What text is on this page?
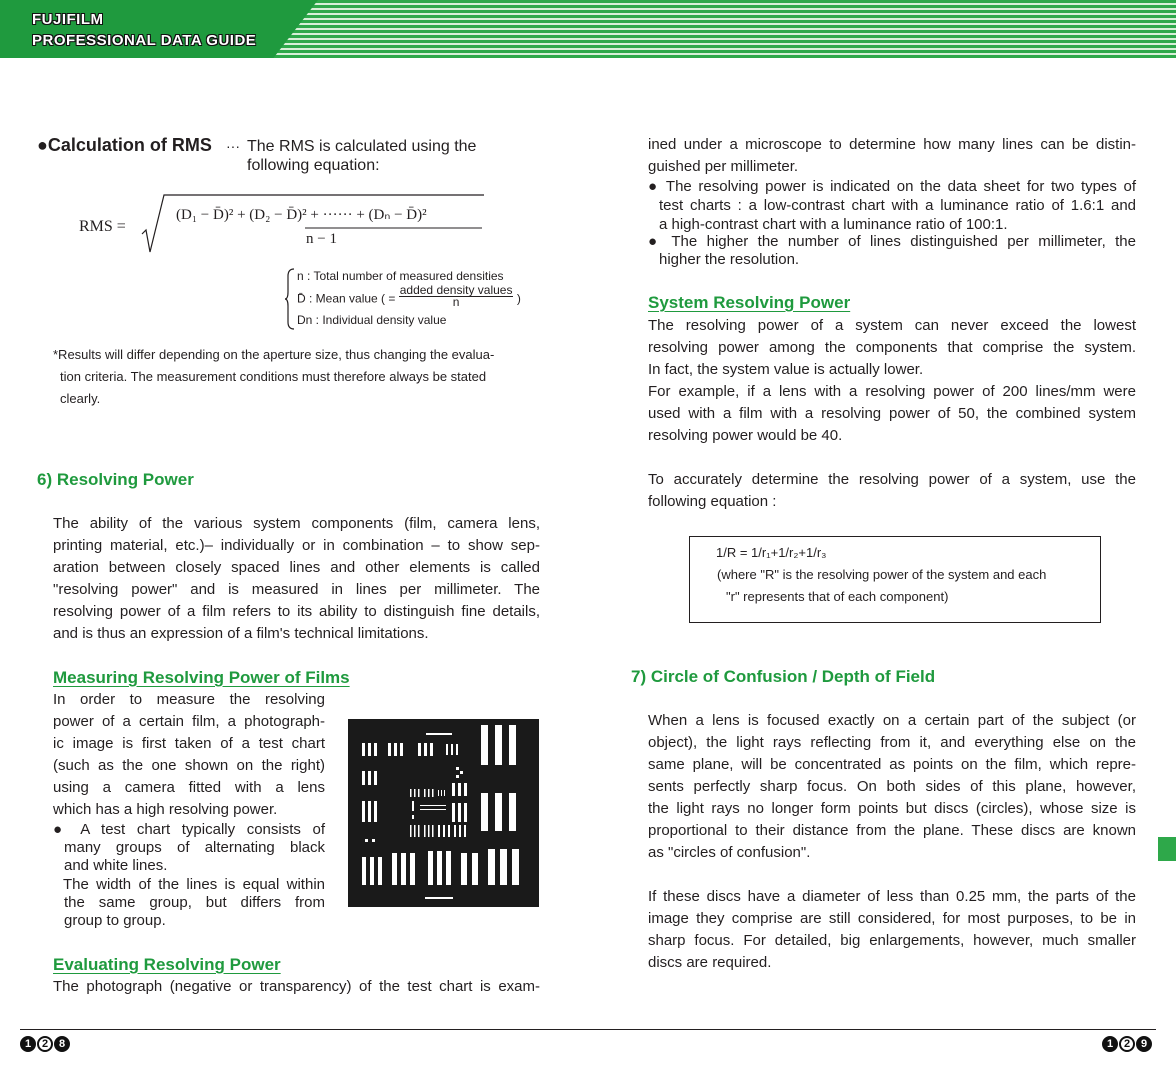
FUJIFILM
PROFESSIONAL DATA GUIDE
●Calculation of RMS ··· The RMS is calculated using the
following equation:
RMS =
(D₁ − D̄)² + (D₂ − D̄)² + ······ + (Dₙ − D̄)²
n − 1
n : Total number of measured densities
D̄ : Mean value ( =
added density values
n	)
Dn : Individual density value
*Results will differ depending on the aperture size, thus changing the evalua-
tion criteria. The measurement conditions must therefore always be stated
clearly.
6) Resolving Power
The ability of the various system components (film, camera lens,
printing material, etc.)– individually or in combination – to show sep-
aration between closely spaced lines and other elements is called
"resolving power" and is measured in lines per millimeter. The
resolving power of a film refers to its ability to distinguish fine details,
and is thus an expression of a film's technical limitations.
Measuring Resolving Power of Films
In order to measure the resolving
power of a certain film, a photograph-
ic image is first taken of a test chart
(such as the one shown on the right)
using a camera fitted with a lens
which has a high resolving power.
● A test chart typically consists of
many groups of alternating black
and white lines.
The width of the lines is equal within
the same group, but differs from
group to group.
Evaluating Resolving Power
The photograph (negative or transparency) of the test chart is exam-
ined under a microscope to determine how many lines can be distin-
guished per millimeter.
● The resolving power is indicated on the data sheet for two types of
test charts : a low-contrast chart with a luminance ratio of 1.6:1 and
a high-contrast chart with a luminance ratio of 100:1.
● The higher the number of lines distinguished per millimeter, the
higher the resolution.
System Resolving Power
The resolving power of a system can never exceed the lowest
resolving power among the components that comprise the system.
In fact, the system value is actually lower.
For example, if a lens with a resolving power of 200 lines/mm were
used with a film with a resolving power of 50, the combined system
resolving power would be 40.
To accurately determine the resolving power of a system, use the
following equation :
1/R = 1/r₁+1/r₂+1/r₃
(where "R" is the resolving power of the system and each
"r" represents that of each component)
7) Circle of Confusion / Depth of Field
When a lens is focused exactly on a certain part of the subject (or
object), the light rays reflecting from it, and everything else on the
same plane, will be concentrated as points on the film, which repre-
sents perfectly sharp focus. On both sides of this plane, however,
the light rays no longer form points but discs (circles), whose size is
proportional to their distance from the plane. These discs are known
as "circles of confusion".
If these discs have a diameter of less than 0.25 mm, the parts of the
image they comprise are still considered, for most purposes, to be in
sharp focus. For detailed, big enlargements, however, much smaller
discs are required.
1 2 8	1 2 9
